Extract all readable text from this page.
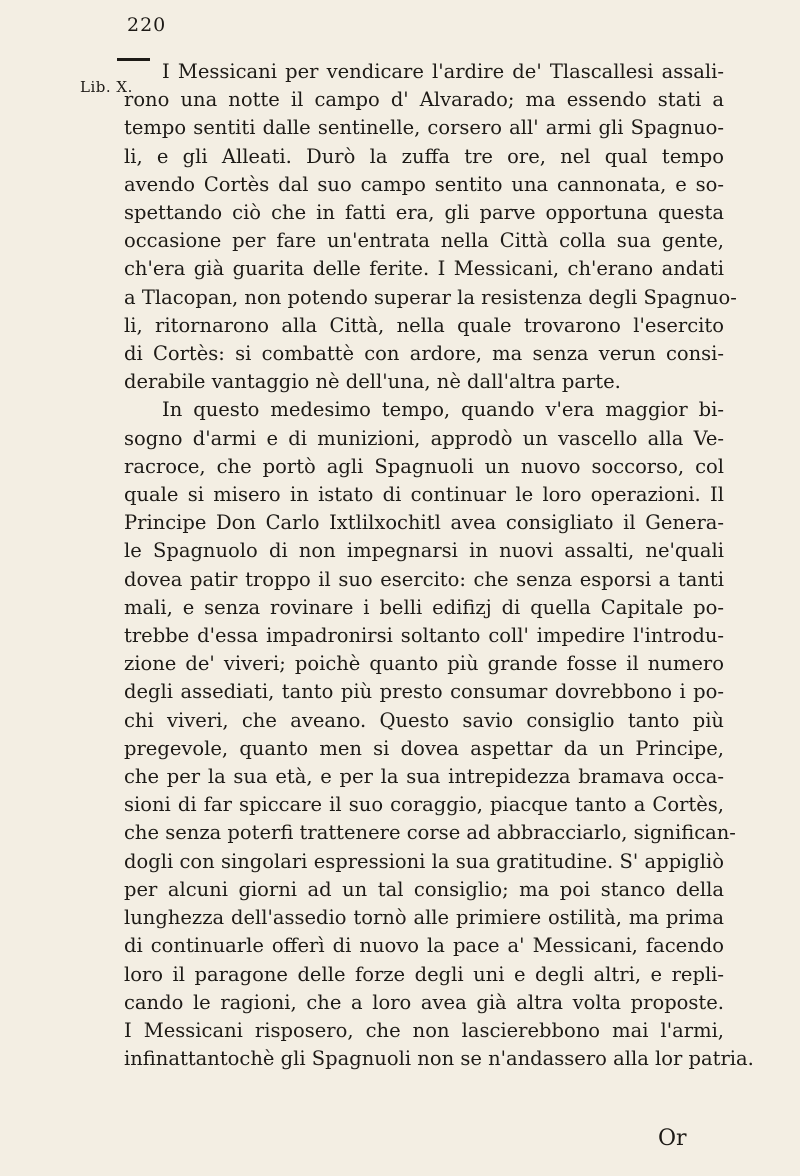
220
Lib. X.
I Messicani per vendicare l'ardire de' Tlascallesi assali-
rono una notte il campo d' Alvarado; ma essendo stati a
tempo sentiti dalle sentinelle, corsero all' armi gli Spagnuo-
li, e gli Alleati. Durò la zuffa tre ore, nel qual tempo
avendo Cortès dal suo campo sentito una cannonata, e so-
spettando ciò che in fatti era, gli parve opportuna questa
occasione per fare un'entrata nella Città colla sua gente,
ch'era già guarita delle ferite. I Messicani, ch'erano andati
a Tlacopan, non potendo superar la resistenza degli Spagnuo-
li, ritornarono alla Città, nella quale trovarono l'esercito
di Cortès: si combattè con ardore, ma senza verun consi-
derabile vantaggio nè dell'una, nè dall'altra parte.
In questo medesimo tempo, quando v'era maggior bi-
sogno d'armi e di munizioni, approdò un vascello alla Ve-
racroce, che portò agli Spagnuoli un nuovo soccorso, col
quale si misero in istato di continuar le loro operazioni. Il
Principe Don Carlo Ixtlilxochitl avea consigliato il Genera-
le Spagnuolo di non impegnarsi in nuovi assalti, ne'quali
dovea patir troppo il suo esercito: che senza esporsi a tanti
mali, e senza rovinare i belli edifizj di quella Capitale po-
trebbe d'essa impadronirsi soltanto coll' impedire l'introdu-
zione de' viveri; poichè quanto più grande fosse il numero
degli assediati, tanto più presto consumar dovrebbono i po-
chi viveri, che aveano. Questo savio consiglio tanto più
pregevole, quanto men si dovea aspettar da un Principe,
che per la sua età, e per la sua intrepidezza bramava occa-
sioni di far spiccare il suo coraggio, piacque tanto a Cortès,
che senza poterfi trattenere corse ad abbracciarlo, significan-
dogli con singolari espressioni la sua gratitudine. S' appigliò
per alcuni giorni ad un tal consiglio; ma poi stanco della
lunghezza dell'assedio tornò alle primiere ostilità, ma prima
di continuarle offerì di nuovo la pace a' Messicani, facendo
loro il paragone delle forze degli uni e degli altri, e repli-
cando le ragioni, che a loro avea già altra volta proposte.
I Messicani risposero, che non lascierebbono mai l'armi,
infinattantochè gli Spagnuoli non se n'andassero alla lor patria.
Or
